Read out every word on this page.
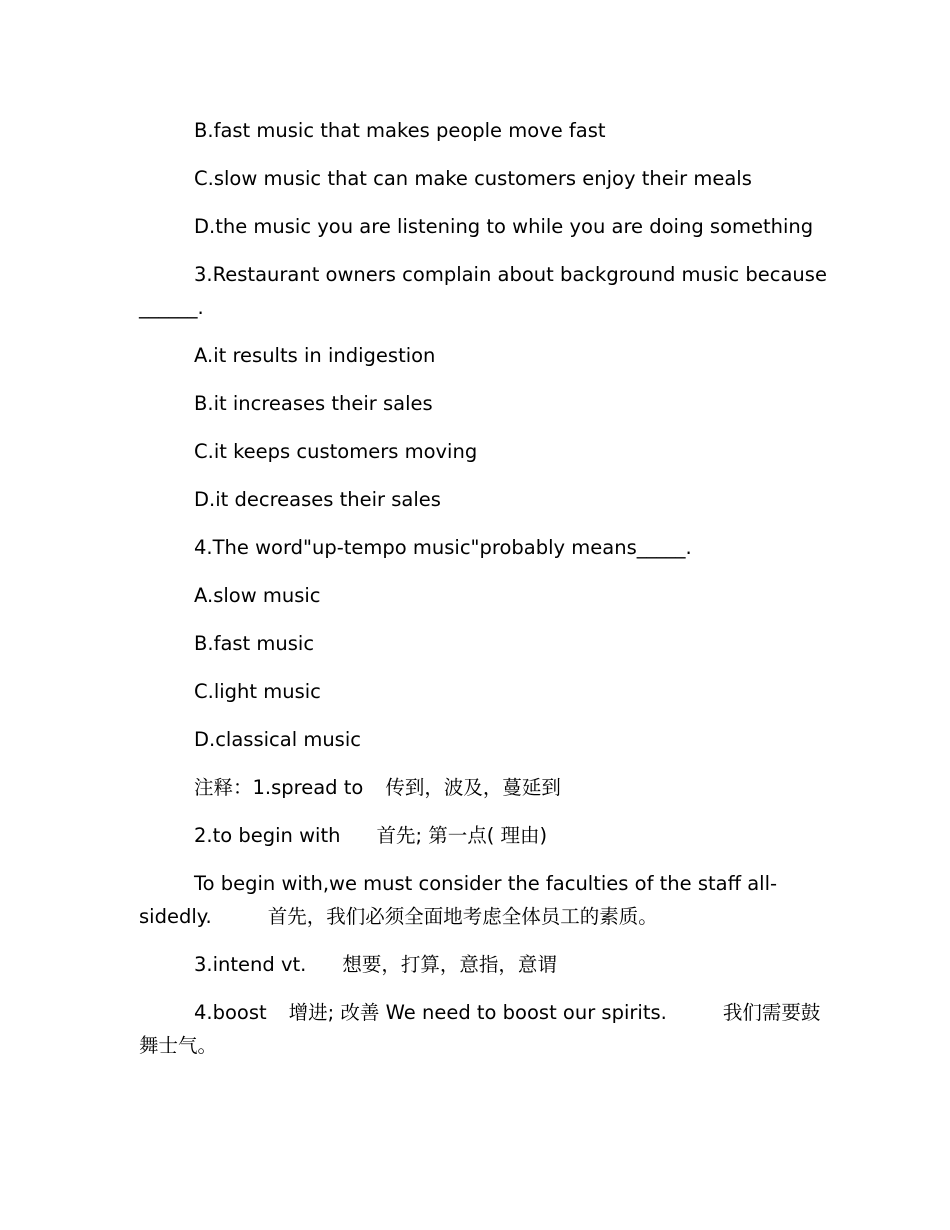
B.fast music that makes people move fast

C.slow music that can make customers enjoy their meals

D.the music you are listening to while you are doing something

3.Restaurant owners complain about background music because ______.

A.it results in indigestion

B.it increases their sales

C.it keeps customers moving

D.it decreases their sales

4.The word"up-tempo music"probably means_____.

A.slow music

B.fast music

C.light music

D.classical music

注释：1.spread to 传到，波及，蔓延到

2.to begin with 首先; 第一点( 理由)

To begin with,we must consider the faculties of the staff all-sidedly.	首先，我们必须全面地考虑全体员工的素质。

3.intend vt. 想要，打算，意指，意谓

4.boost 增进; 改善 We need to boost our spirits.	我们需要鼓舞士气。
